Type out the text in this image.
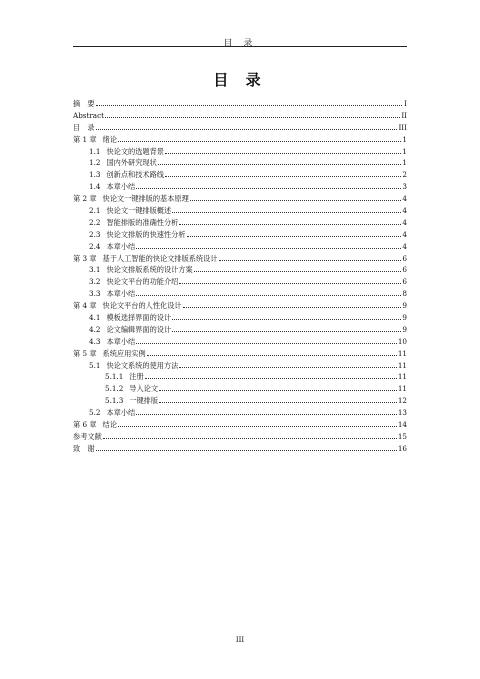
目 录
目 录
摘　要	I
Abstract	II
目　录	III
第 1 章 绪论	1
1.1 快论文的选题背景	1
1.2 国内外研究现状	1
1.3 创新点和技术路线	2
1.4 本章小结	3
第 2 章 快论文一键排版的基本原理	4
2.1 快论文一键排版概述	4
2.2 智能排版的准确性分析	4
2.3 快论文排版的快速性分析	4
2.4 本章小结	4
第 3 章 基于人工智能的快论文排版系统设计	6
3.1 快论文排版系统的设计方案	6
3.2 快论文平台的功能介绍	6
3.3 本章小结	8
第 4 章 快论文平台的人性化设计	9
4.1 模板选择界面的设计	9
4.2 论文编辑界面的设计	9
4.3 本章小结	10
第 5 章 系统应用实例	11
5.1 快论文系统的使用方法	11
5.1.1 注册	11
5.1.2 导入论文	11
5.1.3 一键排版	12
5.2 本章小结	13
第 6 章 结论	14
参考文献	15
致　谢	16
III
